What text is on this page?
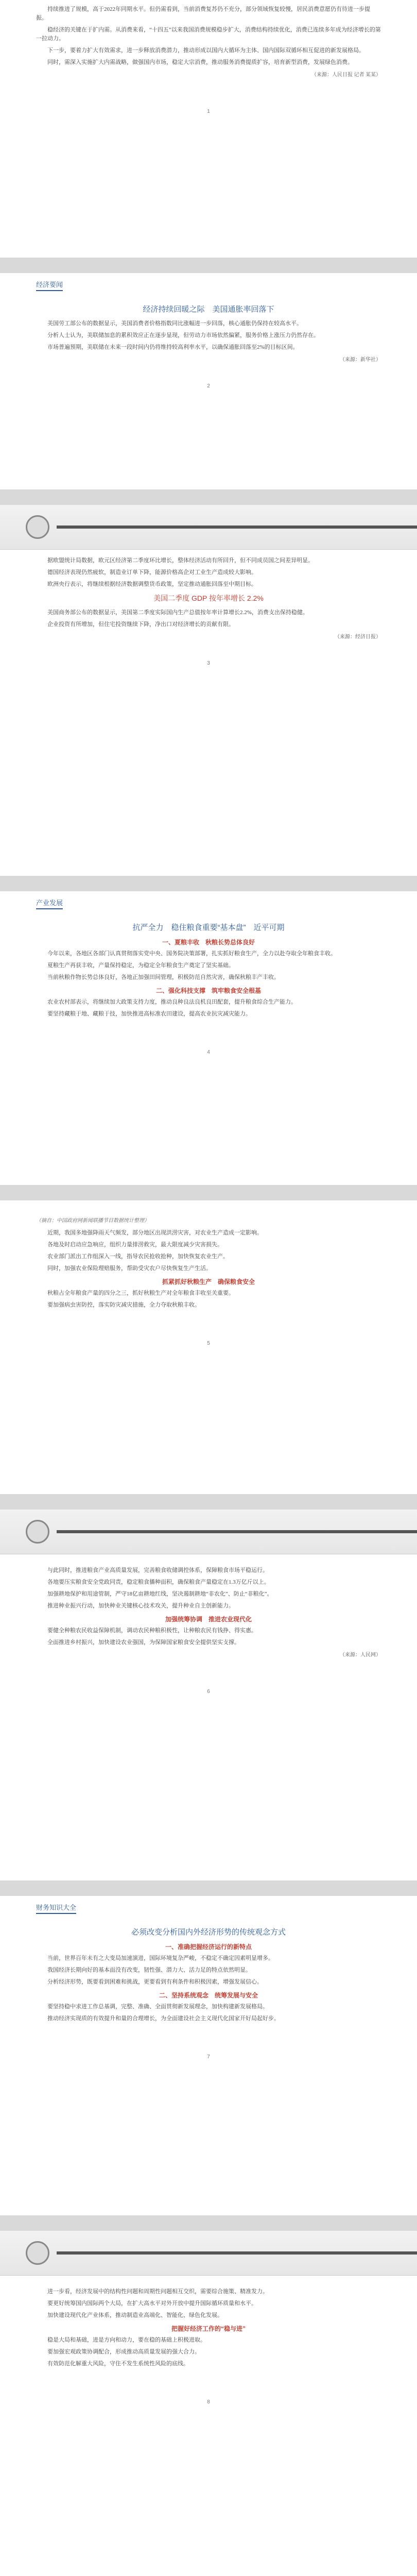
持续推进了规模，高于2022年同期水平。但仍需看到，当前消费复苏仍不充分，部分领域恢复较慢，居民消费意愿仍有待进一步提振。

稳经济的关键在于扩内需。从消费来看，“十四五”以来我国消费规模稳步扩大，消费结构持续优化，消费已连续多年成为经济增长的第一拉动力。

下一步，要着力扩大有效需求，进一步释放消费潜力，推动形成以国内大循环为主体、国内国际双循环相互促进的新发展格局。

同时，需深入实施扩大内需战略，做强国内市场，稳定大宗消费，推动服务消费提质扩容，培育新型消费，发展绿色消费。

（来源：人民日报 记者 某某）

1
经济要闻
经济持续回暖之际　美国通胀率回落下

美国劳工部公布的数据显示，美国消费者价格指数同比涨幅进一步回落，核心通胀仍保持在较高水平。

分析人士认为，美联储加息的累积效应正在逐步显现，但劳动力市场依然偏紧，服务价格上涨压力仍然存在。

市场普遍预期，美联储在未来一段时间内仍将维持较高利率水平，以确保通胀回落至2%的目标区间。

（来源：新华社）

2

据欧盟统计局数据，欧元区经济第二季度环比增长，整体经济活动有所回升，但不同成员国之间差异明显。

德国经济表现仍然疲软，制造业订单下降，能源价格高企对工业生产造成较大影响。

欧洲央行表示，将继续根据经济数据调整货币政策，坚定推动通胀回落至中期目标。

美国二季度 GDP 按年率增长 2.2%

美国商务部公布的数据显示，美国第二季度实际国内生产总值按年率计算增长2.2%，消费支出保持稳健。

企业投资有所增加，但住宅投资继续下降，净出口对经济增长的贡献有限。

（来源：经济日报）

3
产业发展
抗严全力　稳住粮食重要“基本盘”　近平可期
一、夏粮丰收　秋粮长势总体良好

今年以来，各地区各部门认真贯彻落实党中央、国务院决策部署，扎实抓好粮食生产，全力以赴夺取全年粮食丰收。

夏粮生产再获丰收，产量保持稳定，为稳定全年粮食生产奠定了坚实基础。

当前秋粮作物长势总体良好，各地正加强田间管理，积极防范自然灾害，确保秋粮丰产丰收。

二、强化科技支撑　筑牢粮食安全根基

农业农村部表示，将继续加大政策支持力度，推动良种良法良机良田配套，提升粮食综合生产能力。

要坚持藏粮于地、藏粮于技，加快推进高标准农田建设，提高农业抗灾减灾能力。

4
（摘自：中国政府网新闻联播节目数据统计整理）

近期，我国多地强降雨天气频发，部分地区出现洪涝灾害，对农业生产造成一定影响。

各地及时启动应急响应，组织力量排涝救灾，最大限度减少灾害损失。

农业部门派出工作组深入一线，指导农民抢收抢种，加快恢复农业生产。

同时，加强农业保险理赔服务，帮助受灾农户尽快恢复生产生活。

抓紧抓好秋粮生产　确保粮食安全

秋粮占全年粮食产量的四分之三，抓好秋粮生产对全年粮食丰收至关重要。

要加强病虫害防控，落实防灾减灾措施，全力夺取秋粮丰收。

5

与此同时，推进粮食产业高质量发展，完善粮食收储调控体系，保障粮食市场平稳运行。

各地要压实粮食安全党政同责，稳定粮食播种面积，确保粮食产量稳定在1.3万亿斤以上。

加强耕地保护和用途管制，严守18亿亩耕地红线，坚决遏制耕地“非农化”、防止“非粮化”。

推进种业振兴行动，加快种业关键核心技术攻关，提升种业自主创新能力。

加强统筹协调　推进农业现代化

要健全种粮农民收益保障机制，调动农民种粮积极性，让种粮农民有钱挣、得实惠。

全面推进乡村振兴，加快建设农业强国，为保障国家粮食安全提供坚实支撑。

（来源：人民网）

6
财务知识大全
必须改变分析国内外经济形势的传统观念方式
一、准确把握经济运行的新特点

当前，世界百年未有之大变局加速演进，国际环境复杂严峻，不稳定不确定因素明显增多。

我国经济长期向好的基本面没有改变，韧性强、潜力大、活力足的特点依然明显。

分析经济形势，既要看到困难和挑战，更要看到有利条件和积极因素，增强发展信心。

二、坚持系统观念　统筹发展与安全

要坚持稳中求进工作总基调，完整、准确、全面贯彻新发展理念，加快构建新发展格局。

推动经济实现质的有效提升和量的合理增长，为全面建设社会主义现代化国家开好局起好步。

7

进一步看，经济发展中的结构性问题和周期性问题相互交织，需要综合施策、精准发力。

要更好统筹国内国际两个大局，在扩大高水平对外开放中提升国际循环质量和水平。

加快建设现代化产业体系，推动制造业高端化、智能化、绿色化发展。

把握好经济工作的“稳与进”

稳是大局和基础，进是方向和动力，要在稳的基础上积极进取。

要加强宏观政策协调配合，形成推动高质量发展的强大合力。

有效防范化解重大风险，守住不发生系统性风险的底线。

8
